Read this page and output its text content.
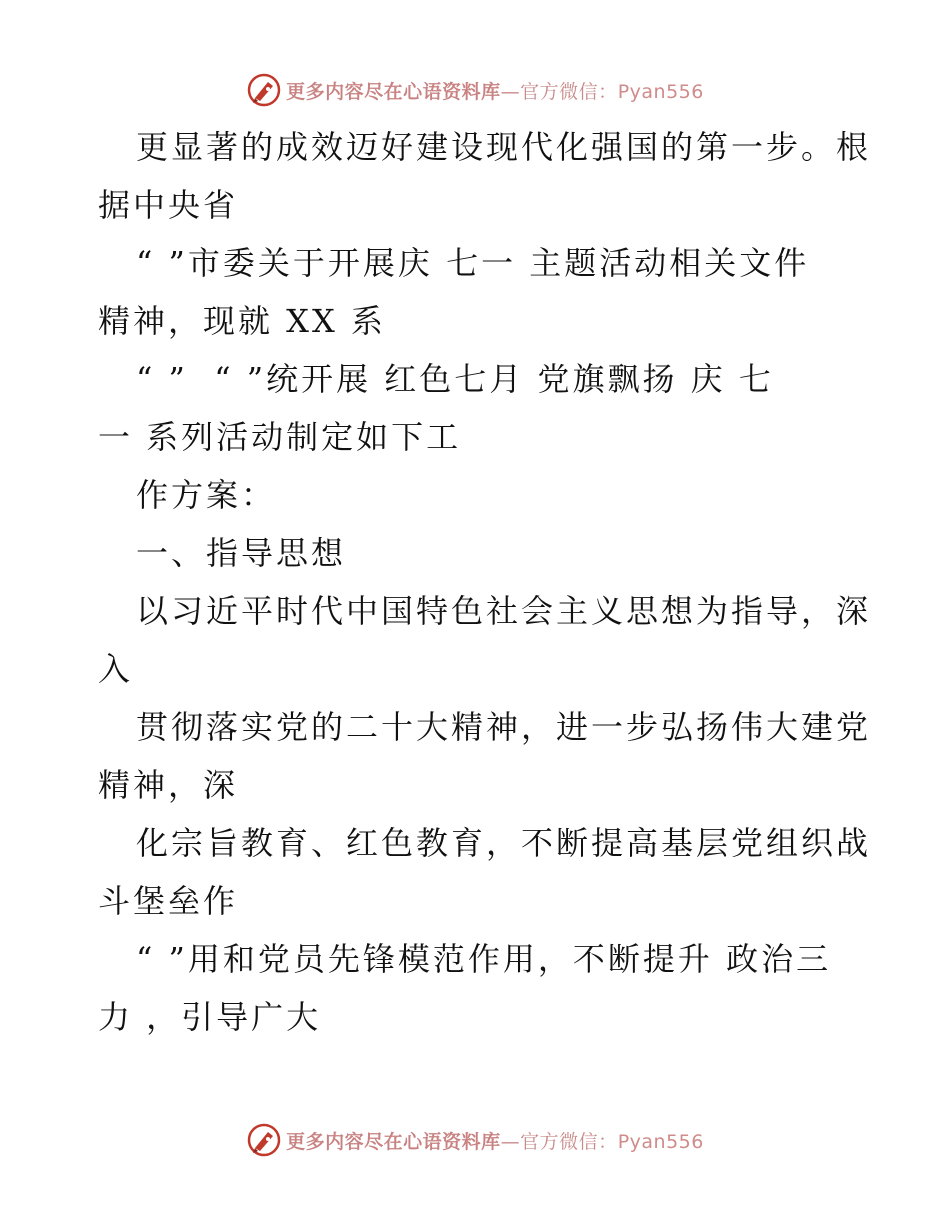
更多内容尽在心语资料库—官方微信：Pyan556
更显著的成效迈好建设现代化强国的第一步。根
据中央省
“ ”市委关于开展庆 七一 主题活动相关文件
精神，现就 XX 系
“ ”  “ ”统开展 红色七月 党旗飘扬 庆 七
一 系列活动制定如下工
作方案：
一、指导思想
以习近平时代中国特色社会主义思想为指导，深
入
贯彻落实党的二十大精神，进一步弘扬伟大建党
精神，深
化宗旨教育、红色教育，不断提高基层党组织战
斗堡垒作
“ ”用和党员先锋模范作用，不断提升 政治三
力 ，引导广大
更多内容尽在心语资料库—官方微信：Pyan556
